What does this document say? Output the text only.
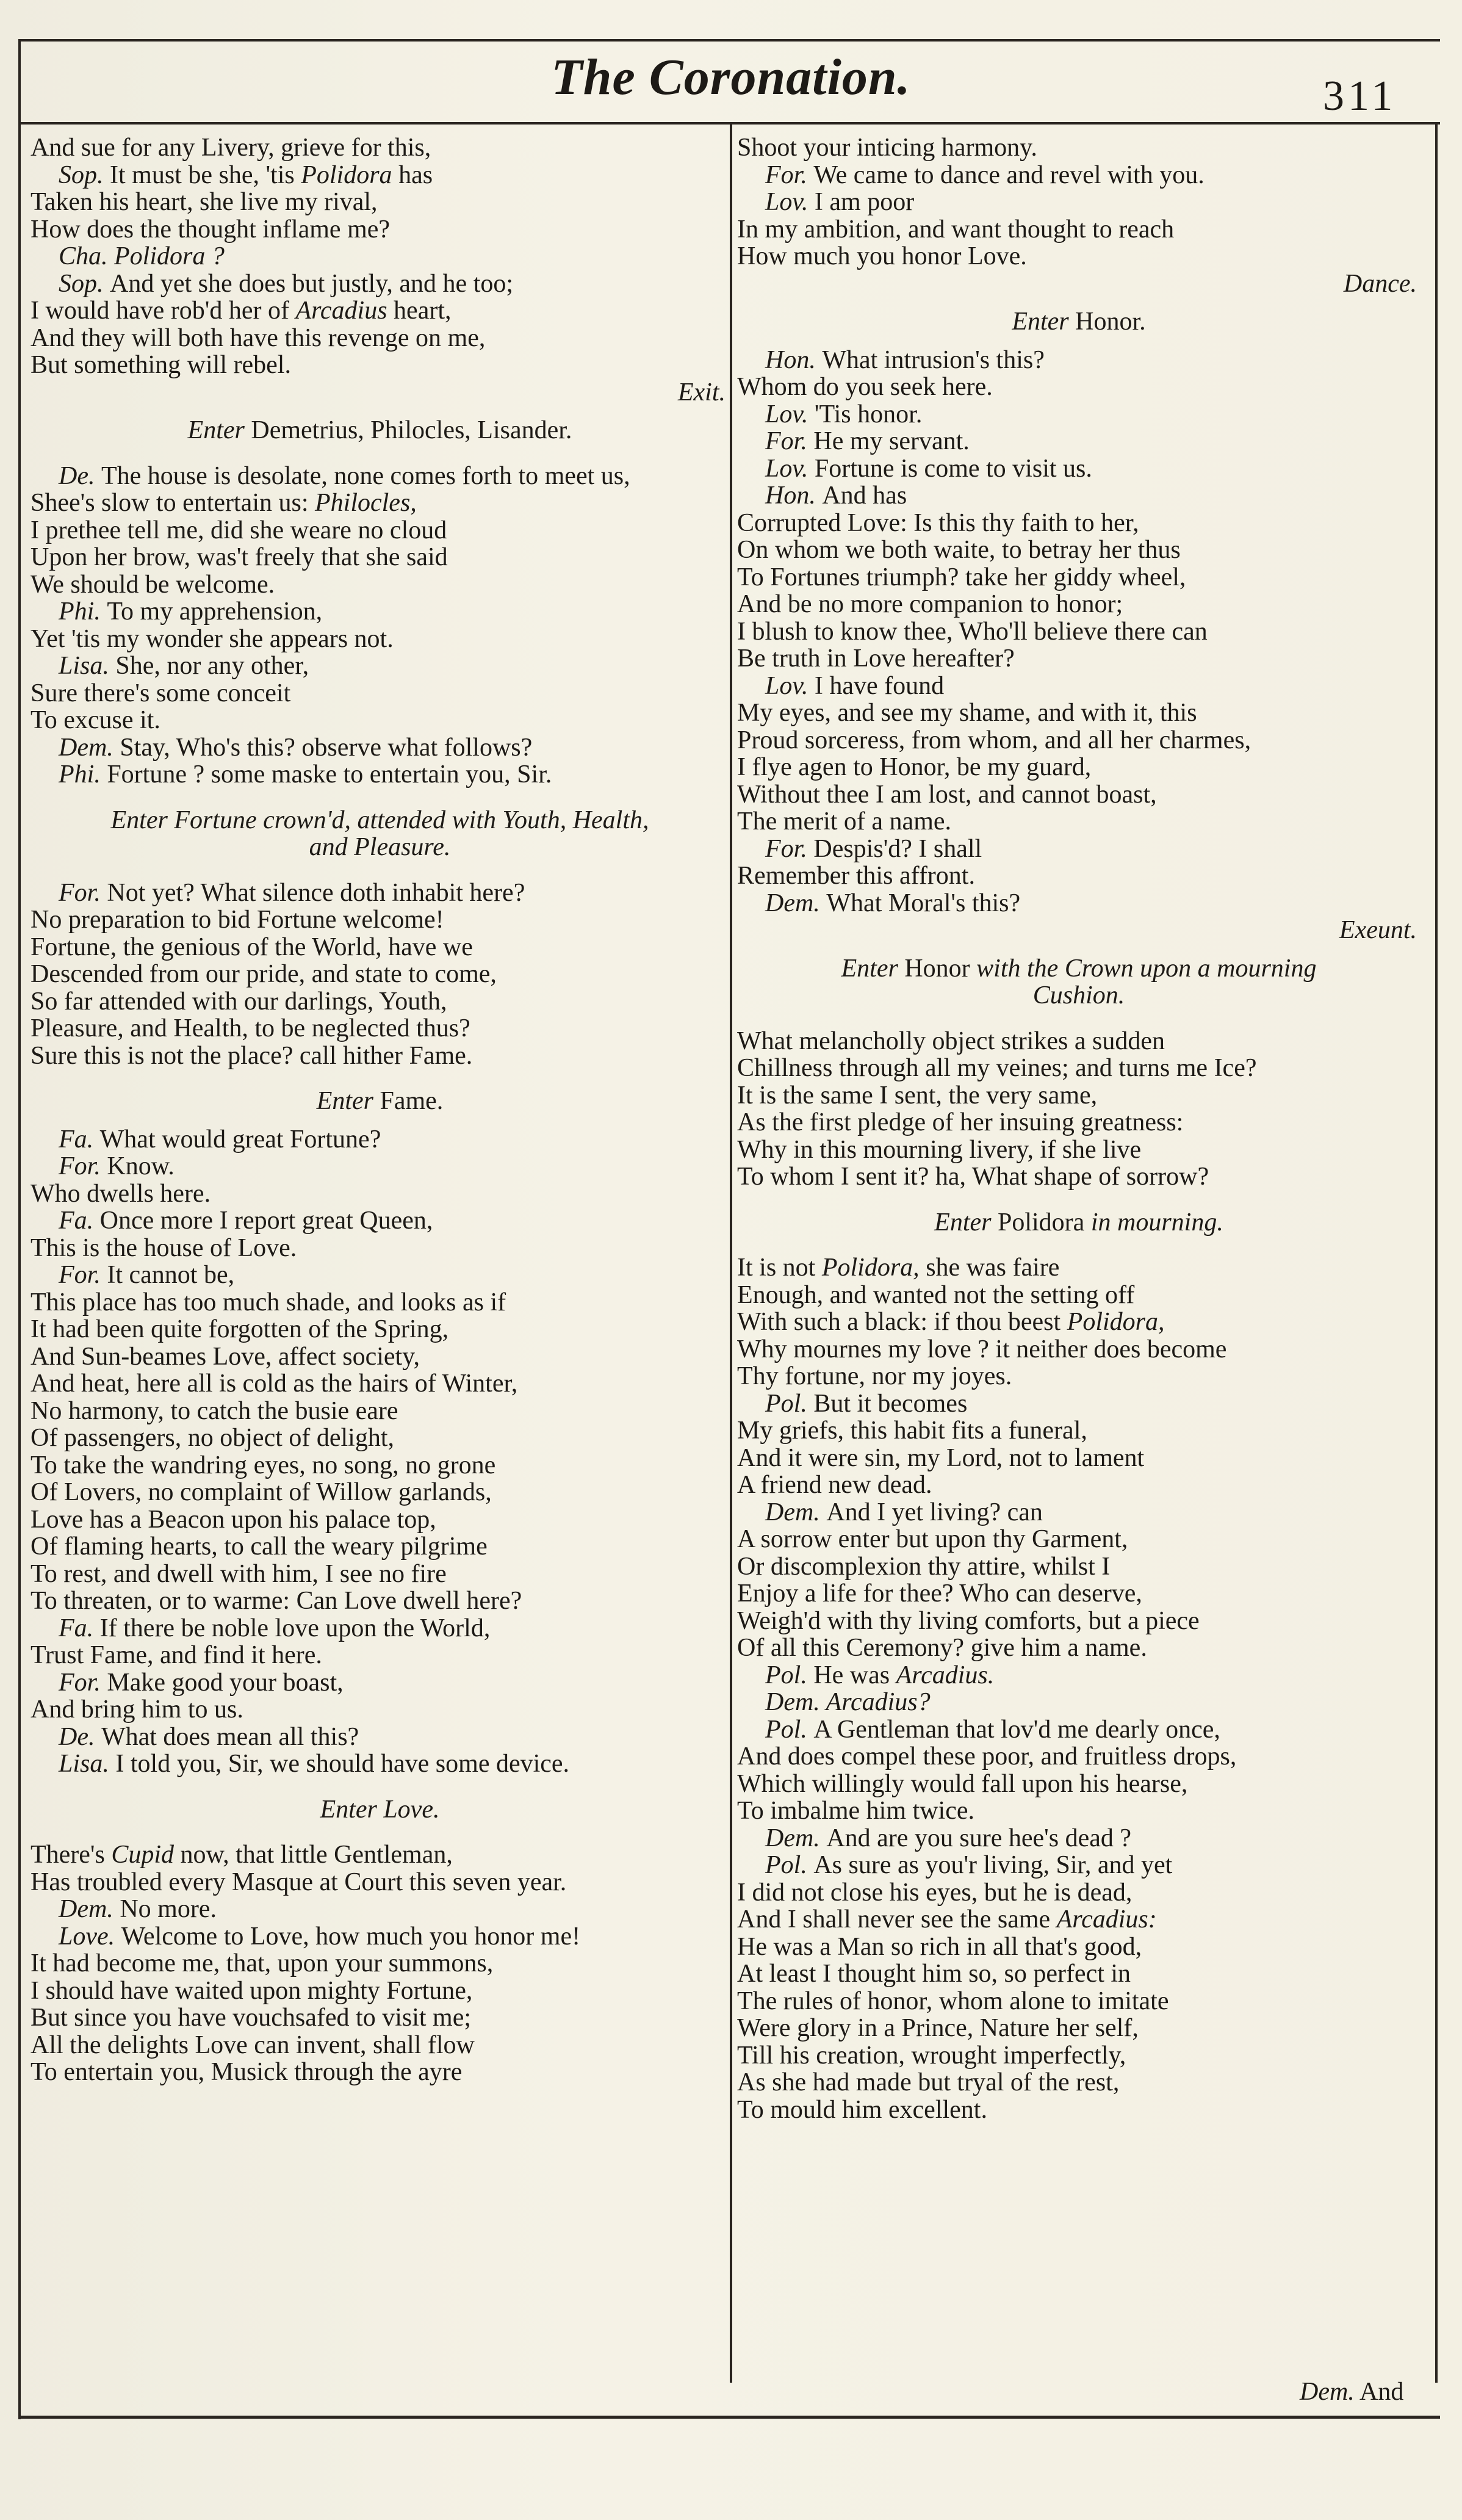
The Coronation.	311
And sue for any Livery, grieve for this,
Sop. It must be she, 'tis Polidora has
Taken his heart, she live my rival,
How does the thought inflame me?
Cha. Polidora ?
Sop. And yet she does but justly, and he too;
I would have rob'd her of Arcadius heart,
And they will both have this revenge on me,
But something will rebel.
Exit.
Enter Demetrius, Philocles, Lisander.
De. The house is desolate, none comes forth to meet us,
Shee's slow to entertain us: Philocles,
I prethee tell me, did she weare no cloud
Upon her brow, was't freely that she said
We should be welcome.
Phi. To my apprehension,
Yet 'tis my wonder she appears not.
Lisa. She, nor any other,
Sure there's some conceit
To excuse it.
Dem. Stay, Who's this? observe what follows?
Phi. Fortune ? some maske to entertain you, Sir.
Enter Fortune crown'd, attended with Youth, Health,
and Pleasure.
For. Not yet? What silence doth inhabit here?
No preparation to bid Fortune welcome!
Fortune, the genious of the World, have we
Descended from our pride, and state to come,
So far attended with our darlings, Youth,
Pleasure, and Health, to be neglected thus?
Sure this is not the place? call hither Fame.
Enter Fame.
Fa. What would great Fortune?
For. Know.
Who dwells here.
Fa. Once more I report great Queen,
This is the house of Love.
For. It cannot be,
This place has too much shade, and looks as if
It had been quite forgotten of the Spring,
And Sun-beames Love, affect society,
And heat, here all is cold as the hairs of Winter,
No harmony, to catch the busie eare
Of passengers, no object of delight,
To take the wandring eyes, no song, no grone
Of Lovers, no complaint of Willow garlands,
Love has a Beacon upon his palace top,
Of flaming hearts, to call the weary pilgrime
To rest, and dwell with him, I see no fire
To threaten, or to warme: Can Love dwell here?
Fa. If there be noble love upon the World,
Trust Fame, and find it here.
For. Make good your boast,
And bring him to us.
De. What does mean all this?
Lisa. I told you, Sir, we should have some device.
Enter Love.
There's Cupid now, that little Gentleman,
Has troubled every Masque at Court this seven year.
Dem. No more.
Love. Welcome to Love, how much you honor me!
It had become me, that, upon your summons,
I should have waited upon mighty Fortune,
But since you have vouchsafed to visit me;
All the delights Love can invent, shall flow
To entertain you, Musick through the ayre
Shoot your inticing harmony.
For. We came to dance and revel with you.
Lov. I am poor
In my ambition, and want thought to reach
How much you honor Love.
Dance.
Enter Honor.
Hon. What intrusion's this?
Whom do you seek here.
Lov. 'Tis honor.
For. He my servant.
Lov. Fortune is come to visit us.
Hon. And has
Corrupted Love: Is this thy faith to her,
On whom we both waite, to betray her thus
To Fortunes triumph? take her giddy wheel,
And be no more companion to honor;
I blush to know thee, Who'll believe there can
Be truth in Love hereafter?
Lov. I have found
My eyes, and see my shame, and with it, this
Proud sorceress, from whom, and all her charmes,
I flye agen to Honor, be my guard,
Without thee I am lost, and cannot boast,
The merit of a name.
For. Despis'd? I shall
Remember this affront.
Dem. What Moral's this?
Exeunt.
Enter Honor with the Crown upon a mourning
Cushion.
What melancholly object strikes a sudden
Chillness through all my veines; and turns me Ice?
It is the same I sent, the very same,
As the first pledge of her insuing greatness:
Why in this mourning livery, if she live
To whom I sent it? ha, What shape of sorrow?
Enter Polidora in mourning.
It is not Polidora, she was faire
Enough, and wanted not the setting off
With such a black: if thou beest Polidora,
Why mournes my love ? it neither does become
Thy fortune, nor my joyes.
Pol. But it becomes
My griefs, this habit fits a funeral,
And it were sin, my Lord, not to lament
A friend new dead.
Dem. And I yet living? can
A sorrow enter but upon thy Garment,
Or discomplexion thy attire, whilst I
Enjoy a life for thee? Who can deserve,
Weigh'd with thy living comforts, but a piece
Of all this Ceremony? give him a name.
Pol. He was Arcadius.
Dem. Arcadius?
Pol. A Gentleman that lov'd me dearly once,
And does compel these poor, and fruitless drops,
Which willingly would fall upon his hearse,
To imbalme him twice.
Dem. And are you sure hee's dead ?
Pol. As sure as you'r living, Sir, and yet
I did not close his eyes, but he is dead,
And I shall never see the same Arcadius:
He was a Man so rich in all that's good,
At least I thought him so, so perfect in
The rules of honor, whom alone to imitate
Were glory in a Prince, Nature her self,
Till his creation, wrought imperfectly,
As she had made but tryal of the rest,
To mould him excellent.
Dem. And
